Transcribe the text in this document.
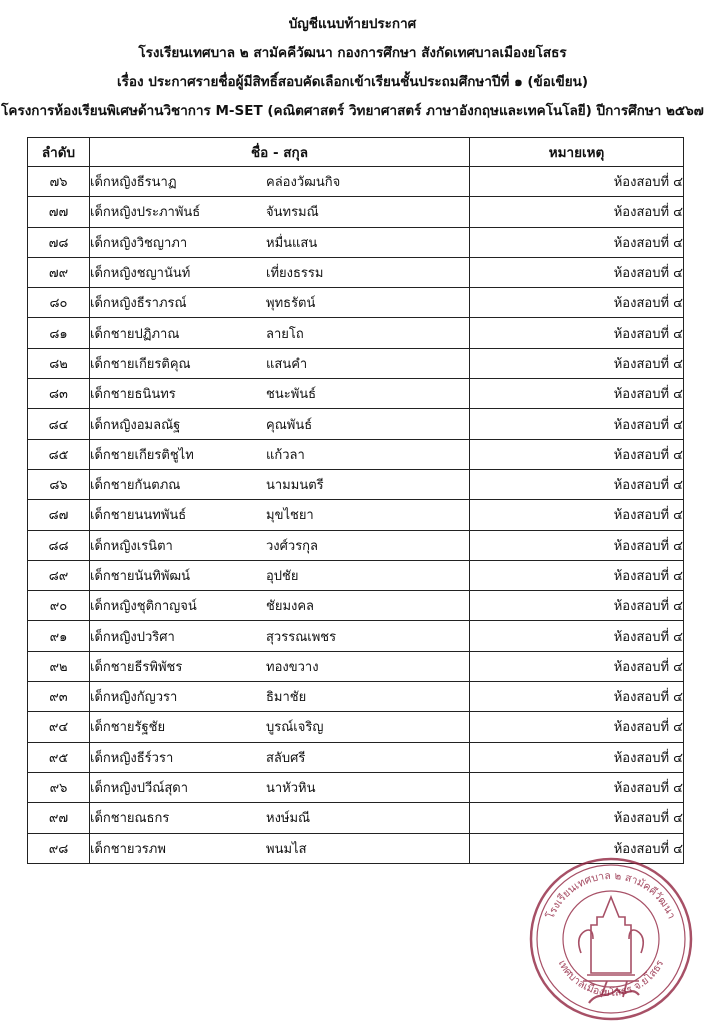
บัญชีแนบท้ายประกาศ
โรงเรียนเทศบาล ๒ สามัคคีวัฒนา กองการศึกษา สังกัดเทศบาลเมืองยโสธร
เรื่อง ประกาศรายชื่อผู้มีสิทธิ์สอบคัดเลือกเข้าเรียนชั้นประถมศึกษาปีที่ ๑ (ข้อเขียน)
โครงการห้องเรียนพิเศษด้านวิชาการ M-SET (คณิตศาสตร์ วิทยาศาสตร์ ภาษาอังกฤษและเทคโนโลยี) ปีการศึกษา ๒๕๖๗
ลำดับ	ชื่อ - สกุล	หมายเหตุ
๗๖	เด็กหญิงธีรนาฏ คล่องวัฒนกิจ	ห้องสอบที่ ๔
๗๗	เด็กหญิงประภาพันธ์ จันทรมณี	ห้องสอบที่ ๔
๗๘	เด็กหญิงวิชญาภา หมื่นแสน	ห้องสอบที่ ๔
๗๙	เด็กหญิงชญานันท์ เที่ยงธรรม	ห้องสอบที่ ๔
๘๐	เด็กหญิงธีราภรณ์ พุทธรัตน์	ห้องสอบที่ ๔
๘๑	เด็กชายปฏิภาณ ลายโถ	ห้องสอบที่ ๔
๘๒	เด็กชายเกียรติคุณ แสนคำ	ห้องสอบที่ ๔
๘๓	เด็กชายธนินทร ชนะพันธ์	ห้องสอบที่ ๔
๘๔	เด็กหญิงอมลณัฐ คุณพันธ์	ห้องสอบที่ ๔
๘๕	เด็กชายเกียรติชูไท แก้วลา	ห้องสอบที่ ๔
๘๖	เด็กชายกันตภณ นามมนตรี	ห้องสอบที่ ๔
๘๗	เด็กชายนนทพันธ์ มุขไชยา	ห้องสอบที่ ๔
๘๘	เด็กหญิงเรนิตา วงศ์วรกุล	ห้องสอบที่ ๔
๘๙	เด็กชายนันทิพัฒน์ อุปชัย	ห้องสอบที่ ๔
๙๐	เด็กหญิงชุติกาญจน์ ชัยมงคล	ห้องสอบที่ ๔
๙๑	เด็กหญิงปวริศา สุวรรณเพชร	ห้องสอบที่ ๔
๙๒	เด็กชายธีรพิพัชร ทองขวาง	ห้องสอบที่ ๔
๙๓	เด็กหญิงกัญวรา ธิมาชัย	ห้องสอบที่ ๔
๙๔	เด็กชายรัฐชัย บูรณ์เจริญ	ห้องสอบที่ ๔
๙๕	เด็กหญิงธีร์วรา สลับศรี	ห้องสอบที่ ๔
๙๖	เด็กหญิงปวีณ์สุดา นาหัวหิน	ห้องสอบที่ ๔
๙๗	เด็กชายณธกร หงษ์มณี	ห้องสอบที่ ๔
๙๘	เด็กชายวรภพ พนมไส	ห้องสอบที่ ๔
โรงเรียนเทศบาล ๒ สามัคคีวัฒนา
เทศบาลเมืองยโสธร จ.ยโสธร
